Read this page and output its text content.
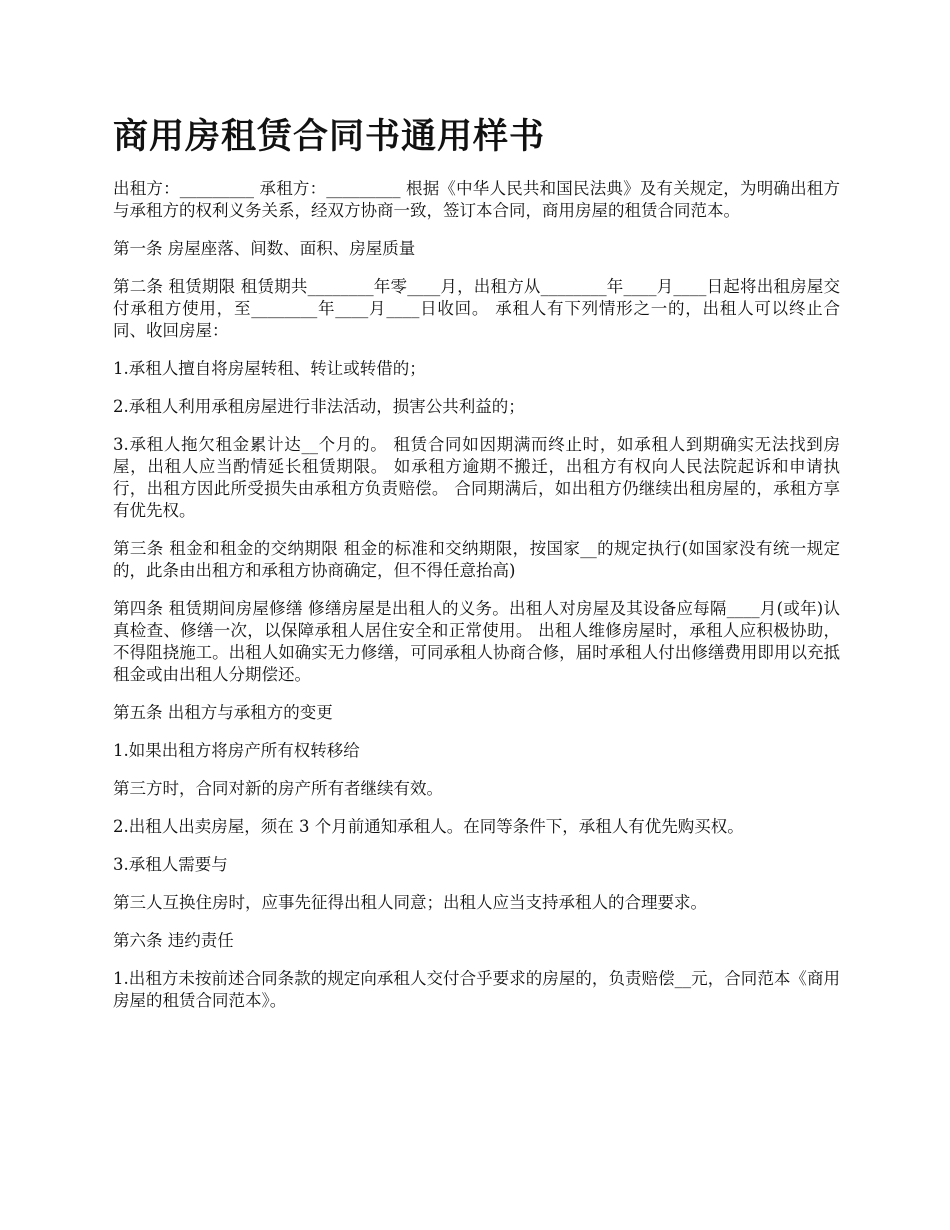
商用房租赁合同书通用样书

出租方：_________ 承租方：_________ 根据《中华人民共和国民法典》及有关规定，为明确出租方与承租方的权利义务关系，经双方协商一致，签订本合同，商用房屋的租赁合同范本。

第一条 房屋座落、间数、面积、房屋质量

第二条 租赁期限 租赁期共________年零____月，出租方从________年____月____日起将出租房屋交付承租方使用，至________年____月____日收回。 承租人有下列情形之一的，出租人可以终止合同、收回房屋：

1.承租人擅自将房屋转租、转让或转借的；

2.承租人利用承租房屋进行非法活动，损害公共利益的；

3.承租人拖欠租金累计达__个月的。 租赁合同如因期满而终止时，如承租人到期确实无法找到房屋，出租人应当酌情延长租赁期限。 如承租方逾期不搬迁，出租方有权向人民法院起诉和申请执行，出租方因此所受损失由承租方负责赔偿。 合同期满后，如出租方仍继续出租房屋的，承租方享有优先权。

第三条 租金和租金的交纳期限 租金的标准和交纳期限，按国家__的规定执行(如国家没有统一规定的，此条由出租方和承租方协商确定，但不得任意抬高)

第四条 租赁期间房屋修缮 修缮房屋是出租人的义务。出租人对房屋及其设备应每隔____月(或年)认真检查、修缮一次，以保障承租人居住安全和正常使用。 出租人维修房屋时，承租人应积极协助，不得阻挠施工。出租人如确实无力修缮，可同承租人协商合修，届时承租人付出修缮费用即用以充抵租金或由出租人分期偿还。

第五条 出租方与承租方的变更

1.如果出租方将房产所有权转移给

第三方时，合同对新的房产所有者继续有效。

2.出租人出卖房屋，须在 3 个月前通知承租人。在同等条件下，承租人有优先购买权。

3.承租人需要与

第三人互换住房时，应事先征得出租人同意；出租人应当支持承租人的合理要求。

第六条 违约责任

1.出租方未按前述合同条款的规定向承租人交付合乎要求的房屋的，负责赔偿__元，合同范本《商用房屋的租赁合同范本》。
